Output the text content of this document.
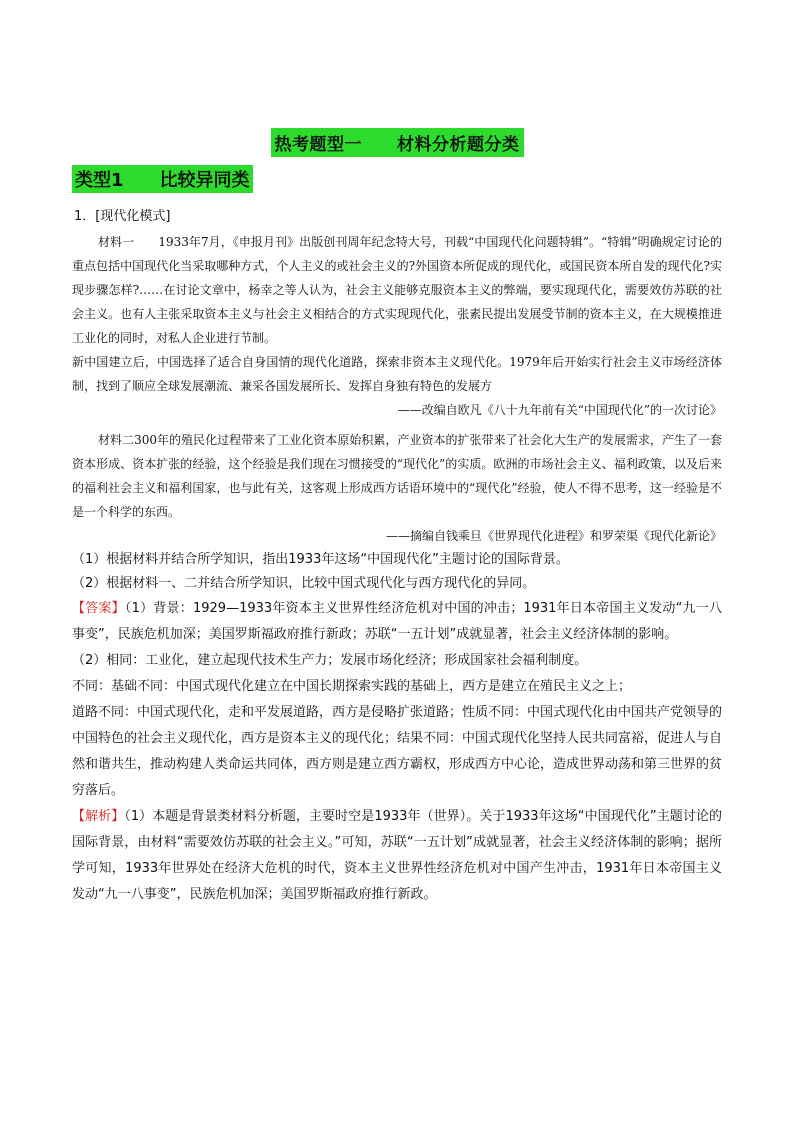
热考题型一　　材料分析题分类
类型1　　比较异同类

1．[现代化模式]

材料一　　1933年7月，《申报月刊》出版创刊周年纪念特大号，刊载“中国现代化问题特辑”。“特辑”明确规定讨论的重点包括中国现代化当采取哪种方式，个人主义的或社会主义的?外国资本所促成的现代化，或国民资本所自发的现代化?实现步骤怎样?……在讨论文章中，杨幸之等人认为，社会主义能够克服资本主义的弊端，要实现现代化，需要效仿苏联的社会主义。也有人主张采取资本主义与社会主义相结合的方式实现现代化，张素民提出发展受节制的资本主义，在大规模推进工业化的同时，对私人企业进行节制。

新中国建立后，中国选择了适合自身国情的现代化道路，探索非资本主义现代化。1979年后开始实行社会主义市场经济体制，找到了顺应全球发展潮流、兼采各国发展所长、发挥自身独有特色的发展方

——改编自欧凡《八十九年前有关“中国现代化”的一次讨论》

材料二300年的殖民化过程带来了工业化资本原始积累，产业资本的扩张带来了社会化大生产的发展需求，产生了一套资本形成、资本扩张的经验，这个经验是我们现在习惯接受的“现代化”的实质。欧洲的市场社会主义、福利政策，以及后来的福利社会主义和福利国家，也与此有关，这客观上形成西方话语环境中的“现代化”经验，使人不得不思考，这一经验是不是一个科学的东西。

——摘编自钱乘旦《世界现代化进程》和罗荣渠《现代化新论》

（1）根据材料并结合所学知识，指出1933年这场“中国现代化”主题讨论的国际背景。

（2）根据材料一、二并结合所学知识，比较中国式现代化与西方现代化的异同。

【答案】（1）背景：1929—1933年资本主义世界性经济危机对中国的冲击；1931年日本帝国主义发动“九一八事变”，民族危机加深；美国罗斯福政府推行新政；苏联“一五计划”成就显著，社会主义经济体制的影响。

（2）相同：工业化，建立起现代技术生产力；发展市场化经济；形成国家社会福利制度。

不同：基础不同：中国式现代化建立在中国长期探索实践的基础上，西方是建立在殖民主义之上；

道路不同：中国式现代化，走和平发展道路，西方是侵略扩张道路；性质不同：中国式现代化由中国共产党领导的中国特色的社会主义现代化，西方是资本主义的现代化；结果不同：中国式现代化坚持人民共同富裕，促进人与自然和谐共生，推动构建人类命运共同体，西方则是建立西方霸权，形成西方中心论，造成世界动荡和第三世界的贫穷落后。

【解析】（1）本题是背景类材料分析题，主要时空是1933年（世界）。关于1933年这场“中国现代化”主题讨论的国际背景，由材料“需要效仿苏联的社会主义。”可知，苏联“一五计划”成就显著，社会主义经济体制的影响；据所学可知，1933年世界处在经济大危机的时代，资本主义世界性经济危机对中国产生冲击，1931年日本帝国主义发动“九一八事变”，民族危机加深；美国罗斯福政府推行新政。
